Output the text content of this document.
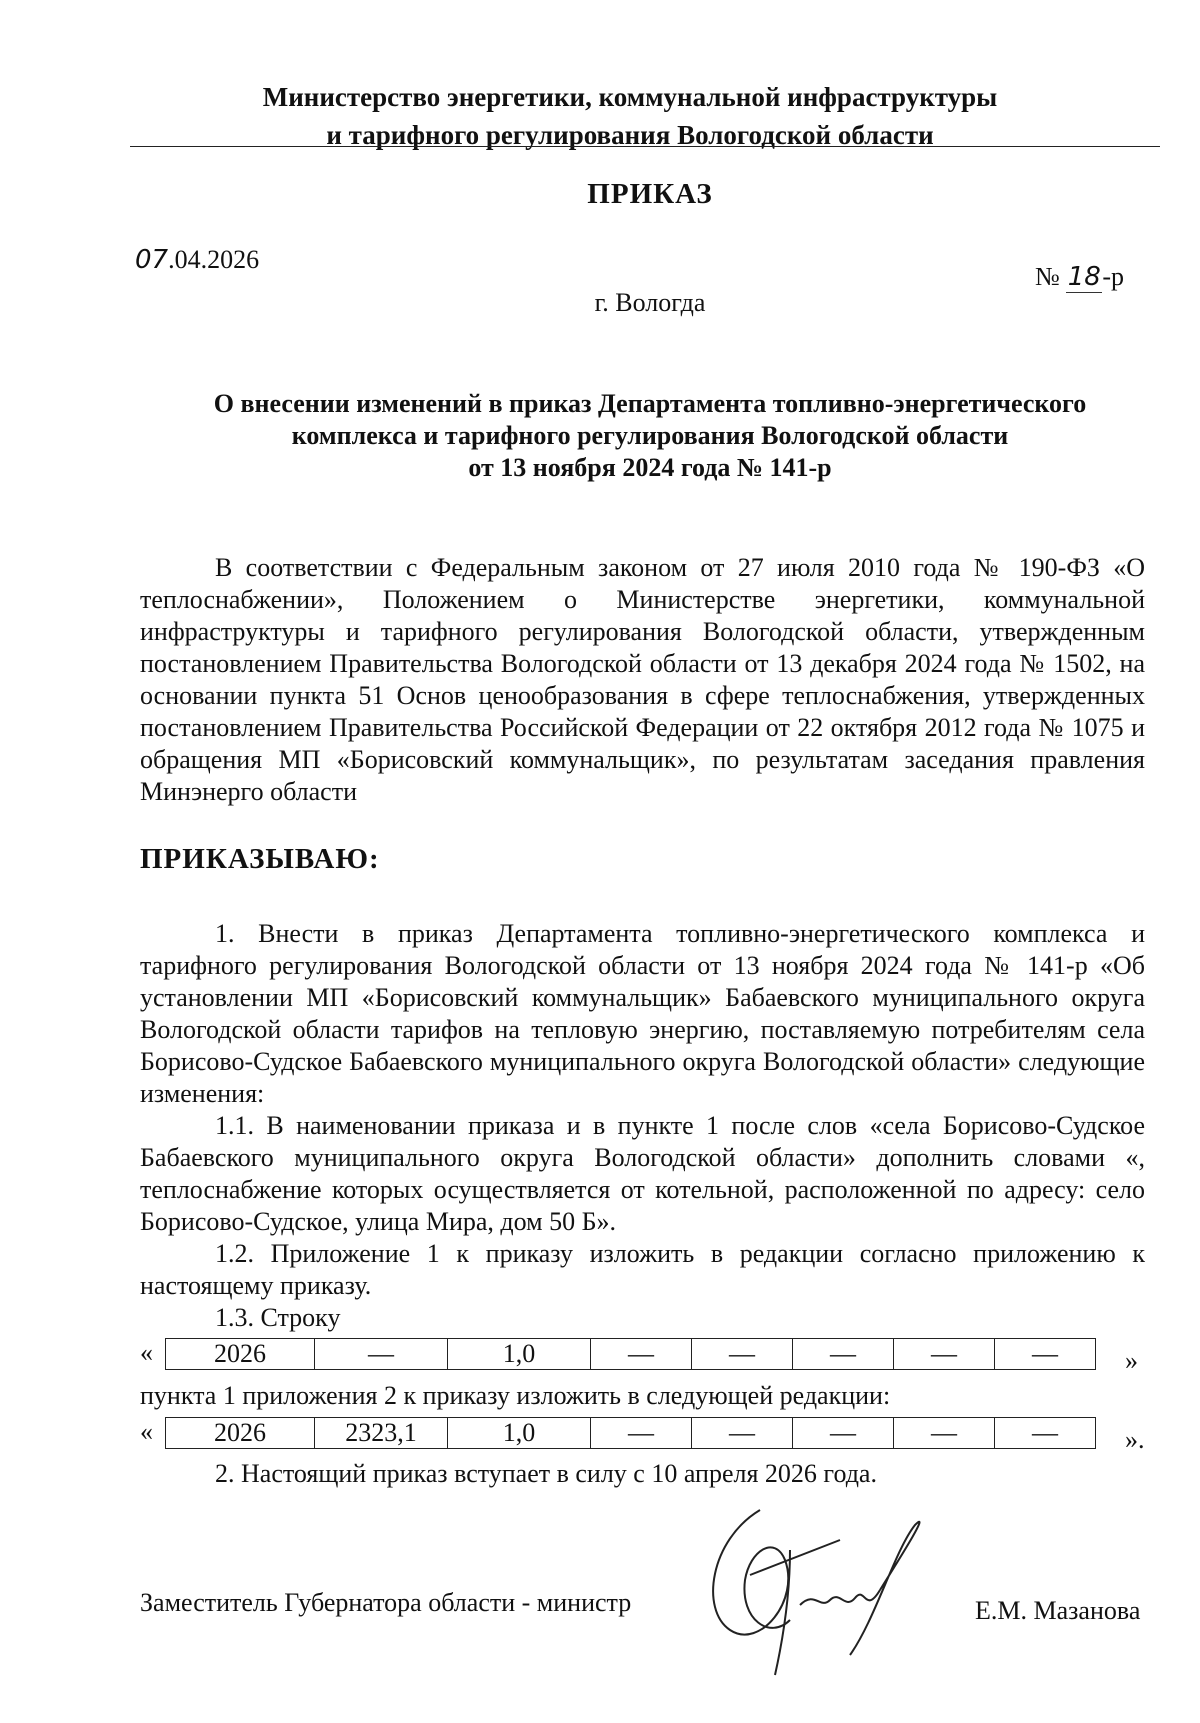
Министерство энергетики, коммунальной инфраструктуры
и тарифного регулирования Вологодской области
ПРИКАЗ
07.04.2026
№ 18-р
г. Вологда
О внесении изменений в приказ Департамента топливно-энергетического
комплекса и тарифного регулирования Вологодской области
от 13 ноября 2024 года № 141-р
В соответствии с Федеральным законом от 27 июля 2010 года № 190-ФЗ «О теплоснабжении», Положением о Министерстве энергетики, коммунальной инфраструктуры и тарифного регулирования Вологодской области, утвержденным постановлением Правительства Вологодской области от 13 декабря 2024 года № 1502, на основании пункта 51 Основ ценообразования в сфере теплоснабжения, утвержденных постановлением Правительства Российской Федерации от 22 октября 2012 года № 1075 и обращения МП «Борисовский коммунальщик», по результатам заседания правления Минэнерго области
ПРИКАЗЫВАЮ:
1. Внести в приказ Департамента топливно-энергетического комплекса и тарифного регулирования Вологодской области от 13 ноября 2024 года № 141-р «Об установлении МП «Борисовский коммунальщик» Бабаевского муниципального округа Вологодской области тарифов на тепловую энергию, поставляемую потребителям села Борисово-Судское Бабаевского муниципального округа Вологодской области» следующие изменения:
1.1. В наименовании приказа и в пункте 1 после слов «села Борисово-Судское Бабаевского муниципального округа Вологодской области» дополнить словами «, теплоснабжение которых осуществляется от котельной, расположенной по адресу: село Борисово-Судское, улица Мира, дом 50 Б».
1.2. Приложение 1 к приказу изложить в редакции согласно приложению к настоящему приказу.
1.3. Строку
« 2026	—	1,0	—	—	—	—	—	»
пункта 1 приложения 2 к приказу изложить в следующей редакции:
« 2026	2323,1	1,0	—	—	—	—	—	».
2. Настоящий приказ вступает в силу с 10 апреля 2026 года.
Заместитель Губернатора области - министр	Е.М. Мазанова
